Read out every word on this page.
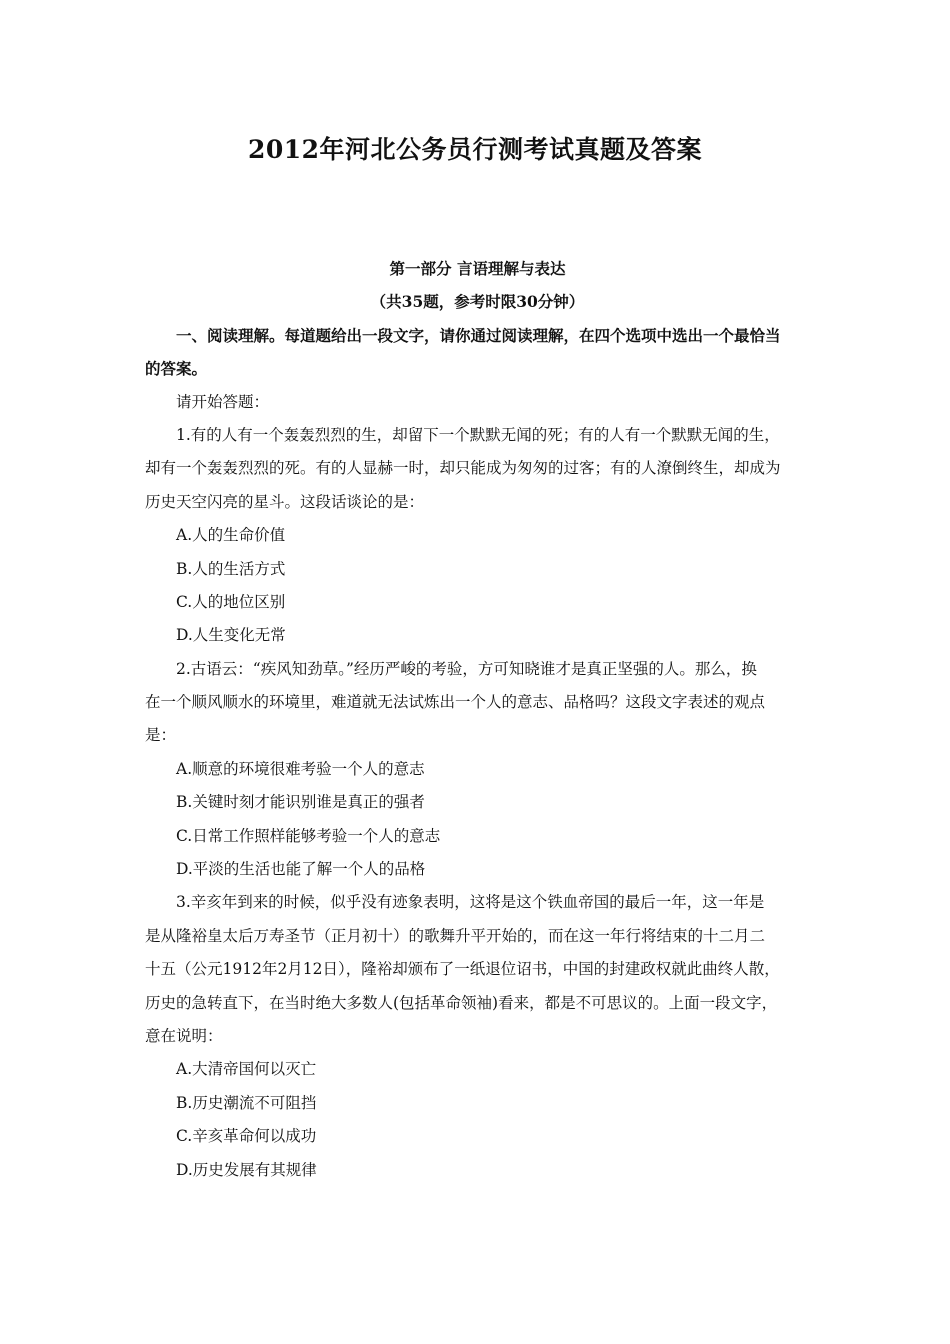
2012年河北公务员行测考试真题及答案
第一部分 言语理解与表达
（共35题，参考时限30分钟）
一、阅读理解。每道题给出一段文字，请你通过阅读理解，在四个选项中选出一个最恰当
的答案。
请开始答题：
1.有的人有一个轰轰烈烈的生，却留下一个默默无闻的死；有的人有一个默默无闻的生，
却有一个轰轰烈烈的死。有的人显赫一时，却只能成为匆匆的过客；有的人潦倒终生，却成为
历史天空闪亮的星斗。这段话谈论的是：
A.人的生命价值
B.人的生活方式
C.人的地位区别
D.人生变化无常
2.古语云：“疾风知劲草。”经历严峻的考验，方可知晓谁才是真正坚强的人。那么，换
在一个顺风顺水的环境里，难道就无法试炼出一个人的意志、品格吗？这段文字表述的观点
是：
A.顺意的环境很难考验一个人的意志
B.关键时刻才能识别谁是真正的强者
C.日常工作照样能够考验一个人的意志
D.平淡的生活也能了解一个人的品格
3.辛亥年到来的时候，似乎没有迹象表明，这将是这个铁血帝国的最后一年，这一年是
是从隆裕皇太后万寿圣节（正月初十）的歌舞升平开始的，而在这一年行将结束的十二月二
十五（公元1912年2月12日），隆裕却颁布了一纸退位诏书，中国的封建政权就此曲终人散，
历史的急转直下，在当时绝大多数人(包括革命领袖)看来，都是不可思议的。上面一段文字，
意在说明：
A.大清帝国何以灭亡
B.历史潮流不可阻挡
C.辛亥革命何以成功
D.历史发展有其规律
